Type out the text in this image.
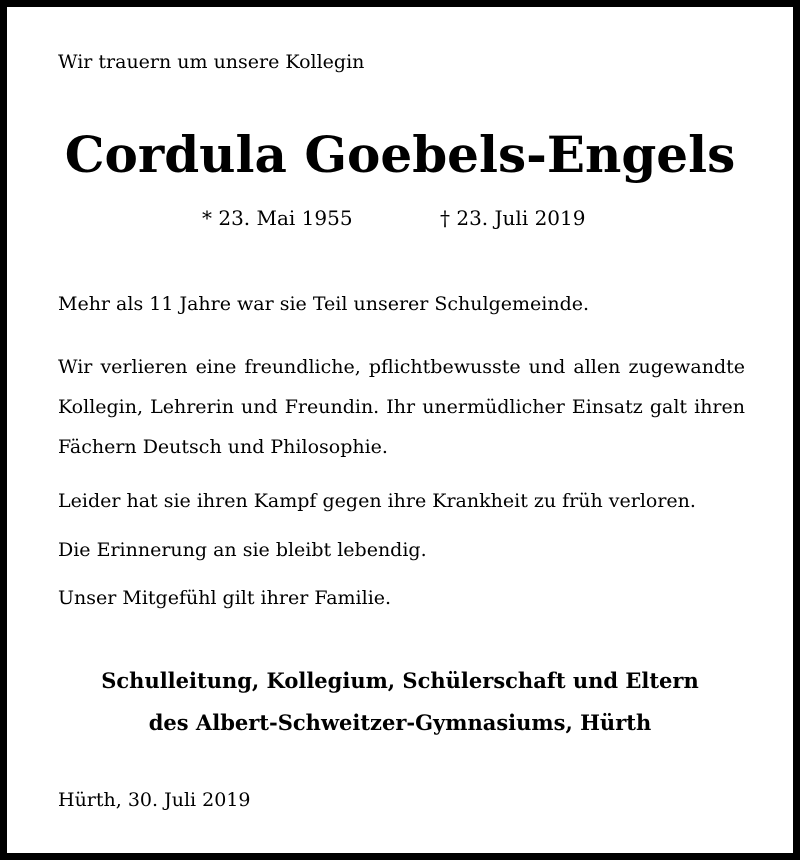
Wir trauern um unsere Kollegin
Cordula Goebels-Engels
* 23. Mai 1955	† 23. Juli 2019

Mehr als 11 Jahre war sie Teil unserer Schulgemeinde.

Wir verlieren eine freundliche, pflichtbewusste und allen zugewandte Kollegin, Lehrerin und Freundin. Ihr unermüdlicher Einsatz galt ihren Fächern Deutsch und Philosophie.

Leider hat sie ihren Kampf gegen ihre Krankheit zu früh verloren.

Die Erinnerung an sie bleibt lebendig.

Unser Mitgefühl gilt ihrer Familie.

Schulleitung, Kollegium, Schülerschaft und Eltern
des Albert-Schweitzer-Gymnasiums, Hürth
Hürth, 30. Juli 2019
